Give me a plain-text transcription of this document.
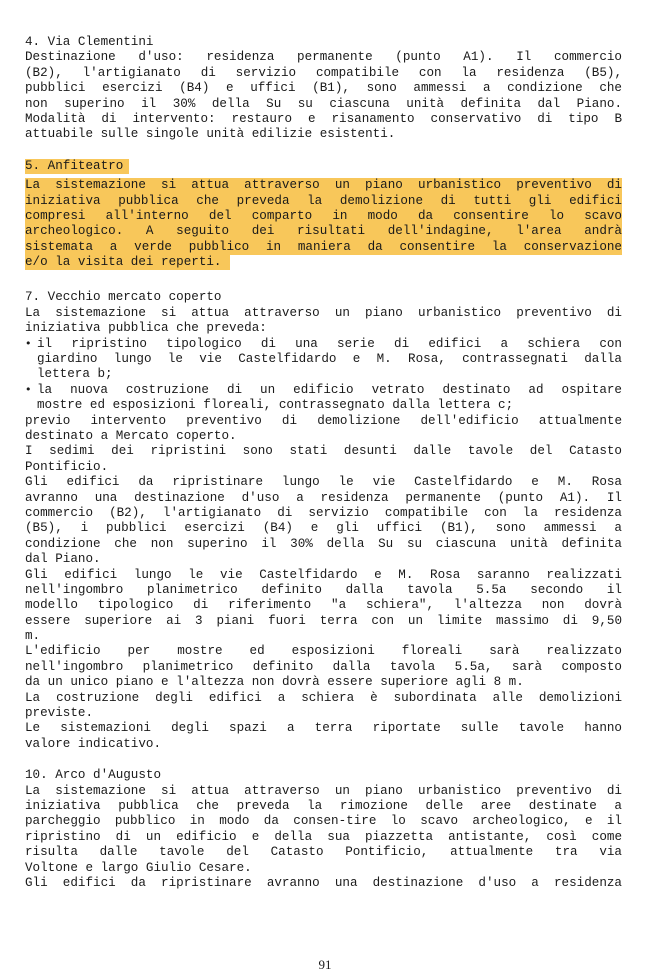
4. Via Clementini
Destinazione d'uso: residenza permanente (punto A1). Il commercio
(B2), l'artigianato di servizio compatibile con la residenza (B5),
pubblici esercizi (B4) e uffici (B1), sono ammessi a condizione che
non superino il 30% della Su su ciascuna unità definita dal Piano.
Modalità di intervento: restauro e risanamento conservativo di tipo B
attuabile sulle singole unità edilizie esistenti.
5. Anfiteatro
La sistemazione si attua attraverso un piano urbanistico preventivo di
iniziativa pubblica che preveda la demolizione di tutti gli edifici
compresi all'interno del comparto in modo da consentire lo scavo
archeologico. A seguito dei risultati dell'indagine, l'area andrà
sistemata a verde pubblico in maniera da consentire la conservazione
e/o la visita dei reperti.
7. Vecchio mercato coperto
La sistemazione si attua attraverso un piano urbanistico preventivo di
iniziativa pubblica che preveda:
• il ripristino tipologico di una serie di edifici a schiera con
giardino lungo le vie Castelfidardo e M. Rosa, contrassegnati dalla
lettera b;
• la nuova costruzione di un edificio vetrato destinato ad ospitare
mostre ed esposizioni floreali, contrassegnato dalla lettera c;
previo intervento preventivo di demolizione dell'edificio attualmente
destinato a Mercato coperto.
I sedimi dei ripristini sono stati desunti dalle tavole del Catasto
Pontificio.
Gli edifici da ripristinare lungo le vie Castelfidardo e M. Rosa
avranno una destinazione d'uso a residenza permanente (punto A1). Il
commercio (B2), l'artigianato di servizio compatibile con la residenza
(B5), i pubblici esercizi (B4) e gli uffici (B1), sono ammessi a
condizione che non superino il 30% della Su su ciascuna unità definita
dal Piano.
Gli edifici lungo le vie Castelfidardo e M. Rosa saranno realizzati
nell'ingombro planimetrico definito dalla tavola 5.5a secondo il
modello tipologico di riferimento "a schiera", l'altezza non dovrà
essere superiore ai 3 piani fuori terra con un limite massimo di 9,50
m.
L'edificio per mostre ed esposizioni floreali sarà realizzato
nell'ingombro planimetrico definito dalla tavola 5.5a, sarà composto
da un unico piano e l'altezza non dovrà essere superiore agli 8 m.
La costruzione degli edifici a schiera è subordinata alle demolizioni
previste.
Le sistemazioni degli spazi a terra riportate sulle tavole hanno
valore indicativo.
10. Arco d'Augusto
La sistemazione si attua attraverso un piano urbanistico preventivo di
iniziativa pubblica che preveda la rimozione delle aree destinate a
parcheggio pubblico in modo da consen-tire lo scavo archeologico, e il
ripristino di un edificio e della sua piazzetta antistante, così come
risulta dalle tavole del Catasto Pontificio, attualmente tra via
Voltone e largo Giulio Cesare.
Gli edifici da ripristinare avranno una destinazione d'uso a residenza
91
